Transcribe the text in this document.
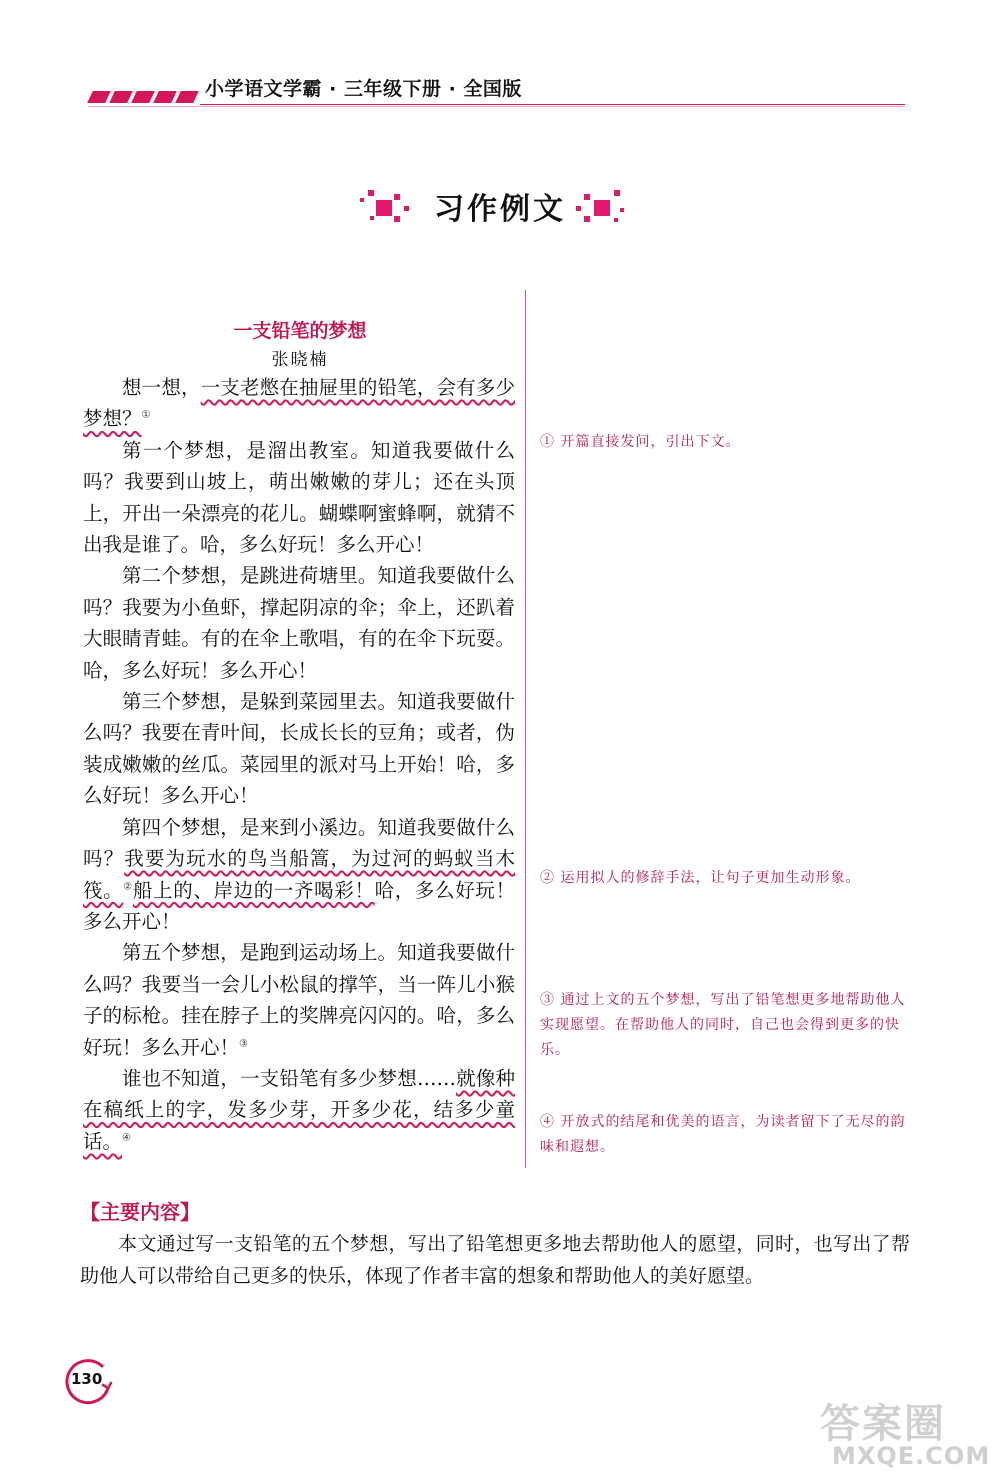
小学语文学霸 · 三年级下册 · 全国版
习作例文
一支铅笔的梦想
张晓楠

想一想，一支老憋在抽屉里的铅笔，会有多少梦想？①

第一个梦想，是溜出教室。知道我要做什么吗？我要到山坡上，萌出嫩嫩的芽儿；还在头顶上，开出一朵漂亮的花儿。蝴蝶啊蜜蜂啊，就猜不出我是谁了。哈，多么好玩！多么开心！

第二个梦想，是跳进荷塘里。知道我要做什么吗？我要为小鱼虾，撑起阴凉的伞；伞上，还趴着大眼睛青蛙。有的在伞上歌唱，有的在伞下玩耍。哈，多么好玩！多么开心！

第三个梦想，是躲到菜园里去。知道我要做什么吗？我要在青叶间，长成长长的豆角；或者，伪装成嫩嫩的丝瓜。菜园里的派对马上开始！哈，多么好玩！多么开心！

第四个梦想，是来到小溪边。知道我要做什么吗？我要为玩水的鸟当船篙，为过河的蚂蚁当木筏。②船上的、岸边的一齐喝彩！哈，多么好玩！多么开心！

第五个梦想，是跑到运动场上。知道我要做什么吗？我要当一会儿小松鼠的撑竿，当一阵儿小猴子的标枪。挂在脖子上的奖牌亮闪闪的。哈，多么好玩！多么开心！③

谁也不知道，一支铅笔有多少梦想……就像种在稿纸上的字，发多少芽，开多少花，结多少童话。④

① 开篇直接发问，引出下文。
② 运用拟人的修辞手法，让句子更加生动形象。
③ 通过上文的五个梦想，写出了铅笔想更多地帮助他人实现愿望。在帮助他人的同时，自己也会得到更多的快乐。
④ 开放式的结尾和优美的语言，为读者留下了无尽的韵味和遐想。
【主要内容】
本文通过写一支铅笔的五个梦想，写出了铅笔想更多地去帮助他人的愿望，同时，也写出了帮助他人可以带给自己更多的快乐，体现了作者丰富的想象和帮助他人的美好愿望。
130
答案圈
MXQE.COM
